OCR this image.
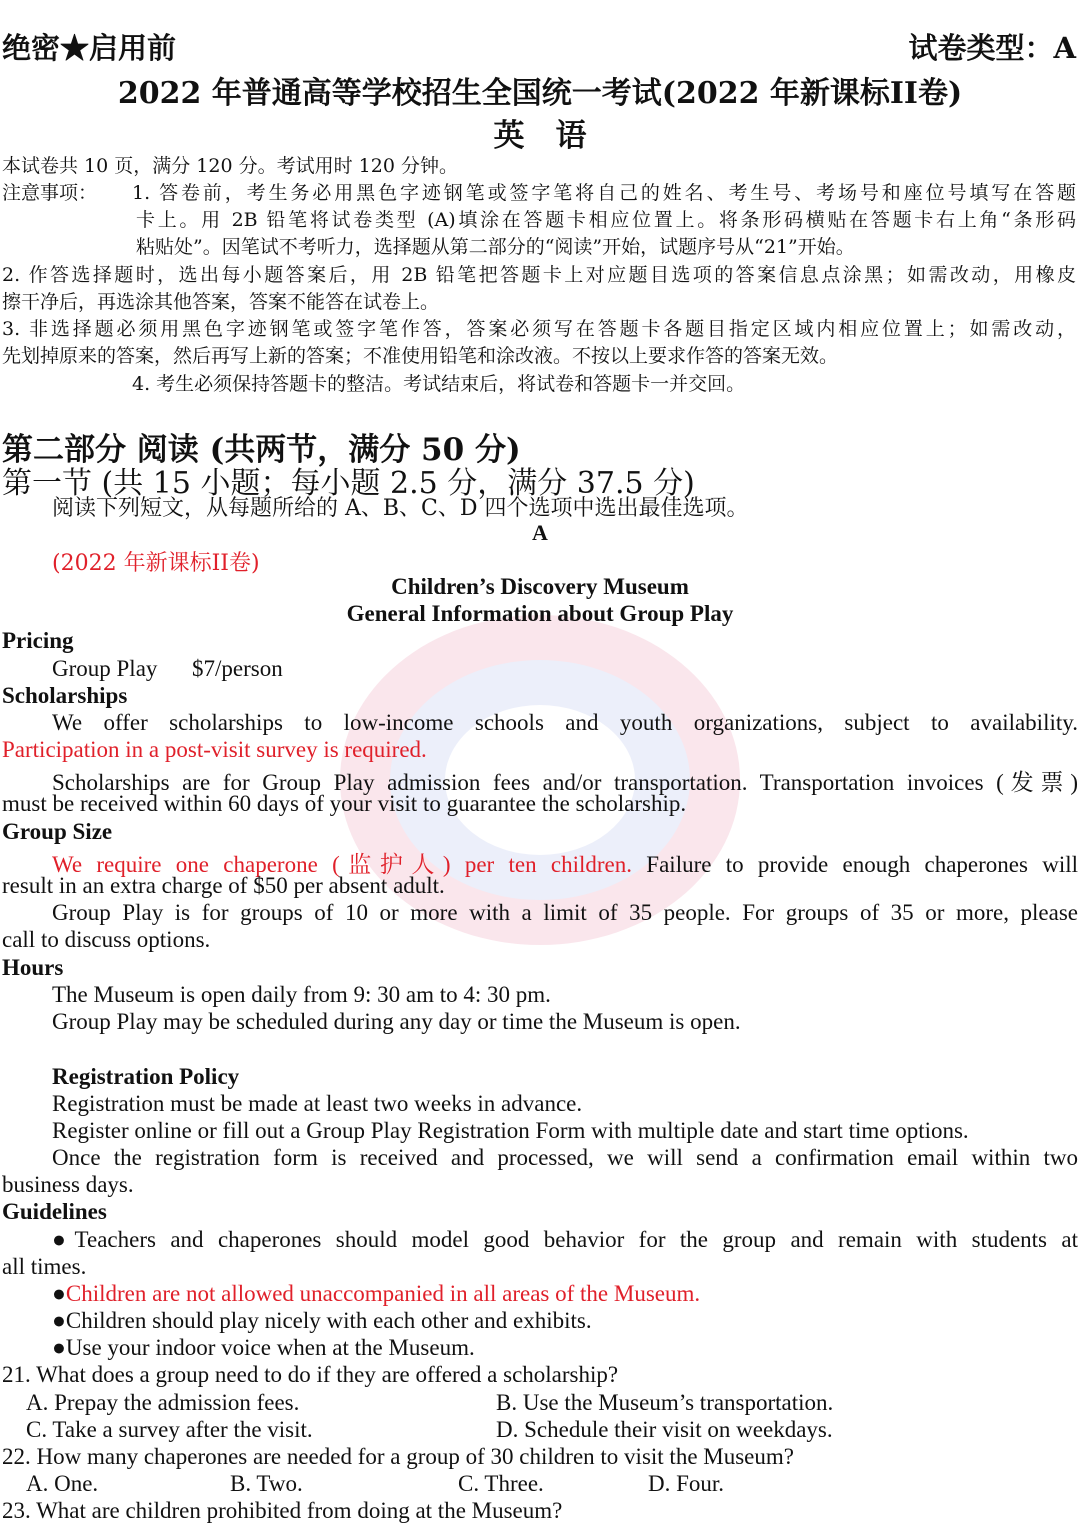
绝密★启用前	试卷类型：A
2022 年普通高等学校招生全国统一考试(2022 年新课标II卷)
英　语
本试卷共 10 页，满分 120 分。考试用时 120 分钟。
注意事项： 1. 答卷前，考生务必用黑色字迹钢笔或签字笔将自己的姓名、考生号、考场号和座位号填写在答题
卡上。用 2B 铅笔将试卷类型 (A)填涂在答题卡相应位置上。将条形码横贴在答题卡右上角“条形码
粘贴处”。因笔试不考听力，选择题从第二部分的“阅读”开始，试题序号从“21”开始。
2. 作答选择题时，选出每小题答案后，用 2B 铅笔把答题卡上对应题目选项的答案信息点涂黑；如需改动，用橡皮
擦干净后，再选涂其他答案，答案不能答在试卷上。
3. 非选择题必须用黑色字迹钢笔或签字笔作答，答案必须写在答题卡各题目指定区域内相应位置上；如需改动，
先划掉原来的答案，然后再写上新的答案；不准使用铅笔和涂改液。不按以上要求作答的答案无效。
4. 考生必须保持答题卡的整洁。考试结束后，将试卷和答题卡一并交回。
第二部分 阅读 (共两节，满分 50 分)
第一节 (共 15 小题；每小题 2.5 分，满分 37.5 分)
阅读下列短文，从每题所给的 A、B、C、D 四个选项中选出最佳选项。
A
(2022 年新课标II卷)
Children’s Discovery Museum
General Information about Group Play
Pricing
Group Play $7/person
Scholarships
We offer scholarships to low-income schools and youth organizations, subject to availability.
Participation in a post-visit survey is required.
Scholarships are for Group Play admission fees and/or transportation. Transportation invoices (发票)
must be received within 60 days of your visit to guarantee the scholarship.
Group Size
We require one chaperone (监护人) per ten children. Failure to provide enough chaperones will
result in an extra charge of $50 per absent adult.
Group Play is for groups of 10 or more with a limit of 35 people. For groups of 35 or more, please
call to discuss options.
Hours
The Museum is open daily from 9: 30 am to 4: 30 pm.
Group Play may be scheduled during any day or time the Museum is open.
Registration Policy
Registration must be made at least two weeks in advance.
Register online or fill out a Group Play Registration Form with multiple date and start time options.
Once the registration form is received and processed, we will send a confirmation email within two
business days.
Guidelines
●Teachers and chaperones should model good behavior for the group and remain with students at
all times.
●Children are not allowed unaccompanied in all areas of the Museum.
●Children should play nicely with each other and exhibits.
●Use your indoor voice when at the Museum.
21. What does a group need to do if they are offered a scholarship?
A. Prepay the admission fees.	B. Use the Museum’s transportation.
C. Take a survey after the visit.	D. Schedule their visit on weekdays.
22. How many chaperones are needed for a group of 30 children to visit the Museum?
A. One.	B. Two.	C. Three.	D. Four.
23. What are children prohibited from doing at the Museum?
